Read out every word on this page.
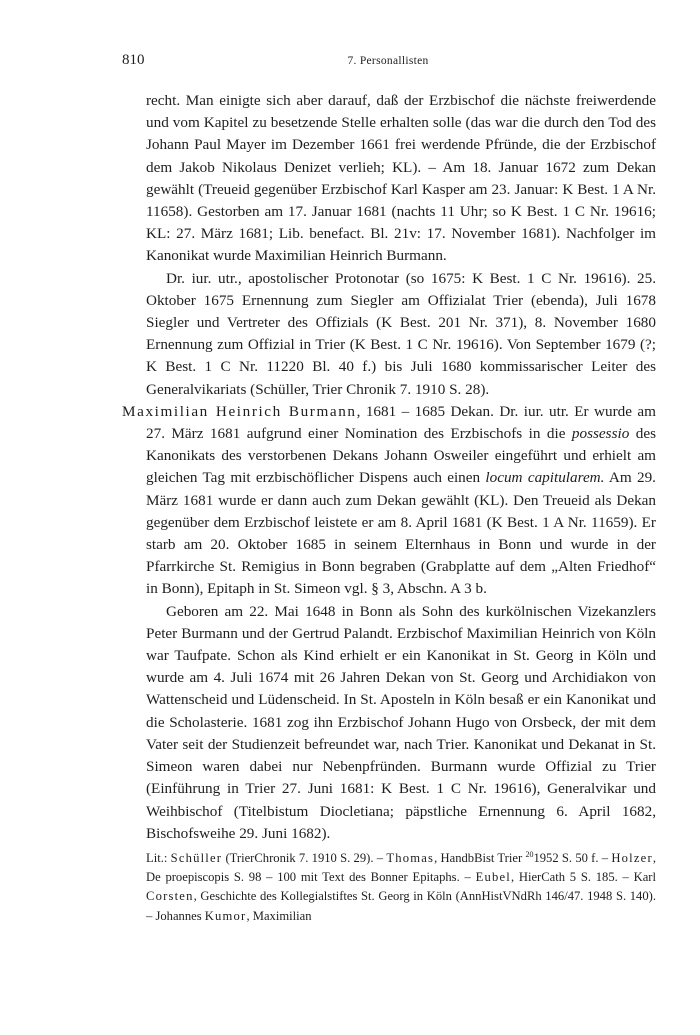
810	7. Personallisten

recht. Man einigte sich aber darauf, daß der Erzbischof die nächste freiwerdende und vom Kapitel zu besetzende Stelle erhalten solle (das war die durch den Tod des Johann Paul Mayer im Dezember 1661 frei werdende Pfründe, die der Erzbischof dem Jakob Nikolaus Denizet verlieh; KL). – Am 18. Januar 1672 zum Dekan gewählt (Treueid gegenüber Erzbischof Karl Kasper am 23. Januar: K Best. 1 A Nr. 11658). Gestorben am 17. Januar 1681 (nachts 11 Uhr; so K Best. 1 C Nr. 19616; KL: 27. März 1681; Lib. benefact. Bl. 21v: 17. November 1681). Nachfolger im Kanonikat wurde Maximilian Heinrich Burmann.

Dr. iur. utr., apostolischer Protonotar (so 1675: K Best. 1 C Nr. 19616). 25. Oktober 1675 Ernennung zum Siegler am Offizialat Trier (ebenda), Juli 1678 Siegler und Vertreter des Offizials (K Best. 201 Nr. 371), 8. November 1680 Ernennung zum Offizial in Trier (K Best. 1 C Nr. 19616). Von September 1679 (?; K Best. 1 C Nr. 11220 Bl. 40 f.) bis Juli 1680 kommissarischer Leiter des Generalvikariats (Schüller, Trier Chronik 7. 1910 S. 28).

Maximilian Heinrich Burmann, 1681 – 1685 Dekan. Dr. iur. utr. Er wurde am 27. März 1681 aufgrund einer Nomination des Erzbischofs in die possessio des Kanonikats des verstorbenen Dekans Johann Osweiler eingeführt und erhielt am gleichen Tag mit erzbischöflicher Dispens auch einen locum capitularem. Am 29. März 1681 wurde er dann auch zum Dekan gewählt (KL). Den Treueid als Dekan gegenüber dem Erzbischof leistete er am 8. April 1681 (K Best. 1 A Nr. 11659). Er starb am 20. Oktober 1685 in seinem Elternhaus in Bonn und wurde in der Pfarrkirche St. Remigius in Bonn begraben (Grabplatte auf dem „Alten Friedhof“ in Bonn), Epitaph in St. Simeon vgl. § 3, Abschn. A 3 b.

Geboren am 22. Mai 1648 in Bonn als Sohn des kurkölnischen Vizekanzlers Peter Burmann und der Gertrud Palandt. Erzbischof Maximilian Heinrich von Köln war Taufpate. Schon als Kind erhielt er ein Kanonikat in St. Georg in Köln und wurde am 4. Juli 1674 mit 26 Jahren Dekan von St. Georg und Archidiakon von Wattenscheid und Lüdenscheid. In St. Aposteln in Köln besaß er ein Kanonikat und die Scholasterie. 1681 zog ihn Erzbischof Johann Hugo von Orsbeck, der mit dem Vater seit der Studienzeit befreundet war, nach Trier. Kanonikat und Dekanat in St. Simeon waren dabei nur Nebenpfründen. Burmann wurde Offizial zu Trier (Einführung in Trier 27. Juni 1681: K Best. 1 C Nr. 19616), Generalvikar und Weihbischof (Titelbistum Diocletiana; päpstliche Ernennung 6. April 1682, Bischofsweihe 29. Juni 1682).

Lit.: Schüller (TrierChronik 7. 1910 S. 29). – Thomas, HandbBist Trier $^{20}$1952 S. 50 f. – Holzer, De proepiscopis S. 98 – 100 mit Text des Bonner Epitaphs. – Eubel, HierCath 5 S. 185. – Karl Corsten, Geschichte des Kollegialstiftes St. Georg in Köln (AnnHistVNdRh 146/47. 1948 S. 140). – Johannes Kumor, Maximilian
